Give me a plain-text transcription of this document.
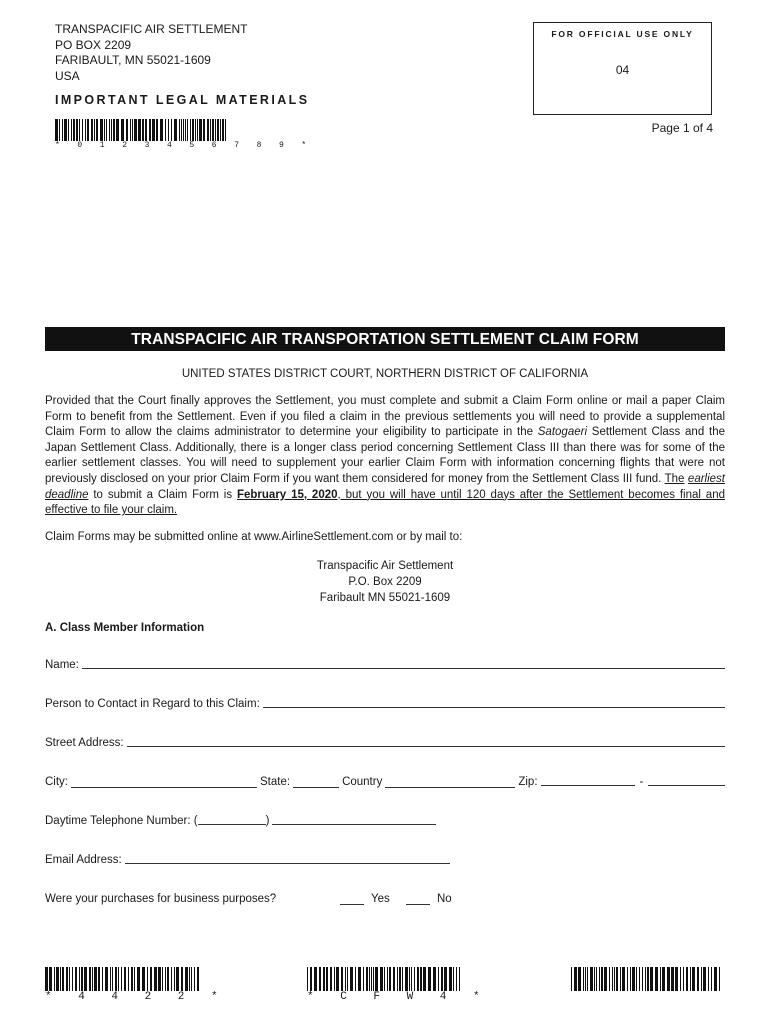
TRANSPACIFIC AIR SETTLEMENT
PO BOX 2209
FARIBAULT, MN 55021-1609
USA
IMPORTANT LEGAL MATERIALS
* 0 1 2 3 4 5 6 7 8 9 *
FOR OFFICIAL USE ONLY
04
Page 1 of 4
TRANSPACIFIC AIR TRANSPORTATION SETTLEMENT CLAIM FORM
UNITED STATES DISTRICT COURT, NORTHERN DISTRICT OF CALIFORNIA
Provided that the Court finally approves the Settlement, you must complete and submit a Claim Form online or mail a paper Claim Form to benefit from the Settlement. Even if you filed a claim in the previous settlements you will need to provide a supplemental Claim Form to allow the claims administrator to determine your eligibility to participate in the Satogaeri Settlement Class and the Japan Settlement Class. Additionally, there is a longer class period concerning Settlement Class III than there was for some of the earlier settlement classes. You will need to supplement your earlier Claim Form with information concerning flights that were not previously disclosed on your prior Claim Form if you want them considered for money from the Settlement Class III fund. The earliest deadline to submit a Claim Form is February 15, 2020, but you will have until 120 days after the Settlement becomes final and effective to file your claim.
Claim Forms may be submitted online at www.AirlineSettlement.com or by mail to:
Transpacific Air Settlement
P.O. Box 2209
Faribault MN 55021-1609
A. Class Member Information
Name:
Person to Contact in Regard to this Claim:
Street Address:
City:	State:	Country	Zip:	-
Daytime Telephone Number: (	)
Email Address:
Were your purchases for business purposes?	Yes	No
* 4 4 2 2 *	* C F W 4 *
